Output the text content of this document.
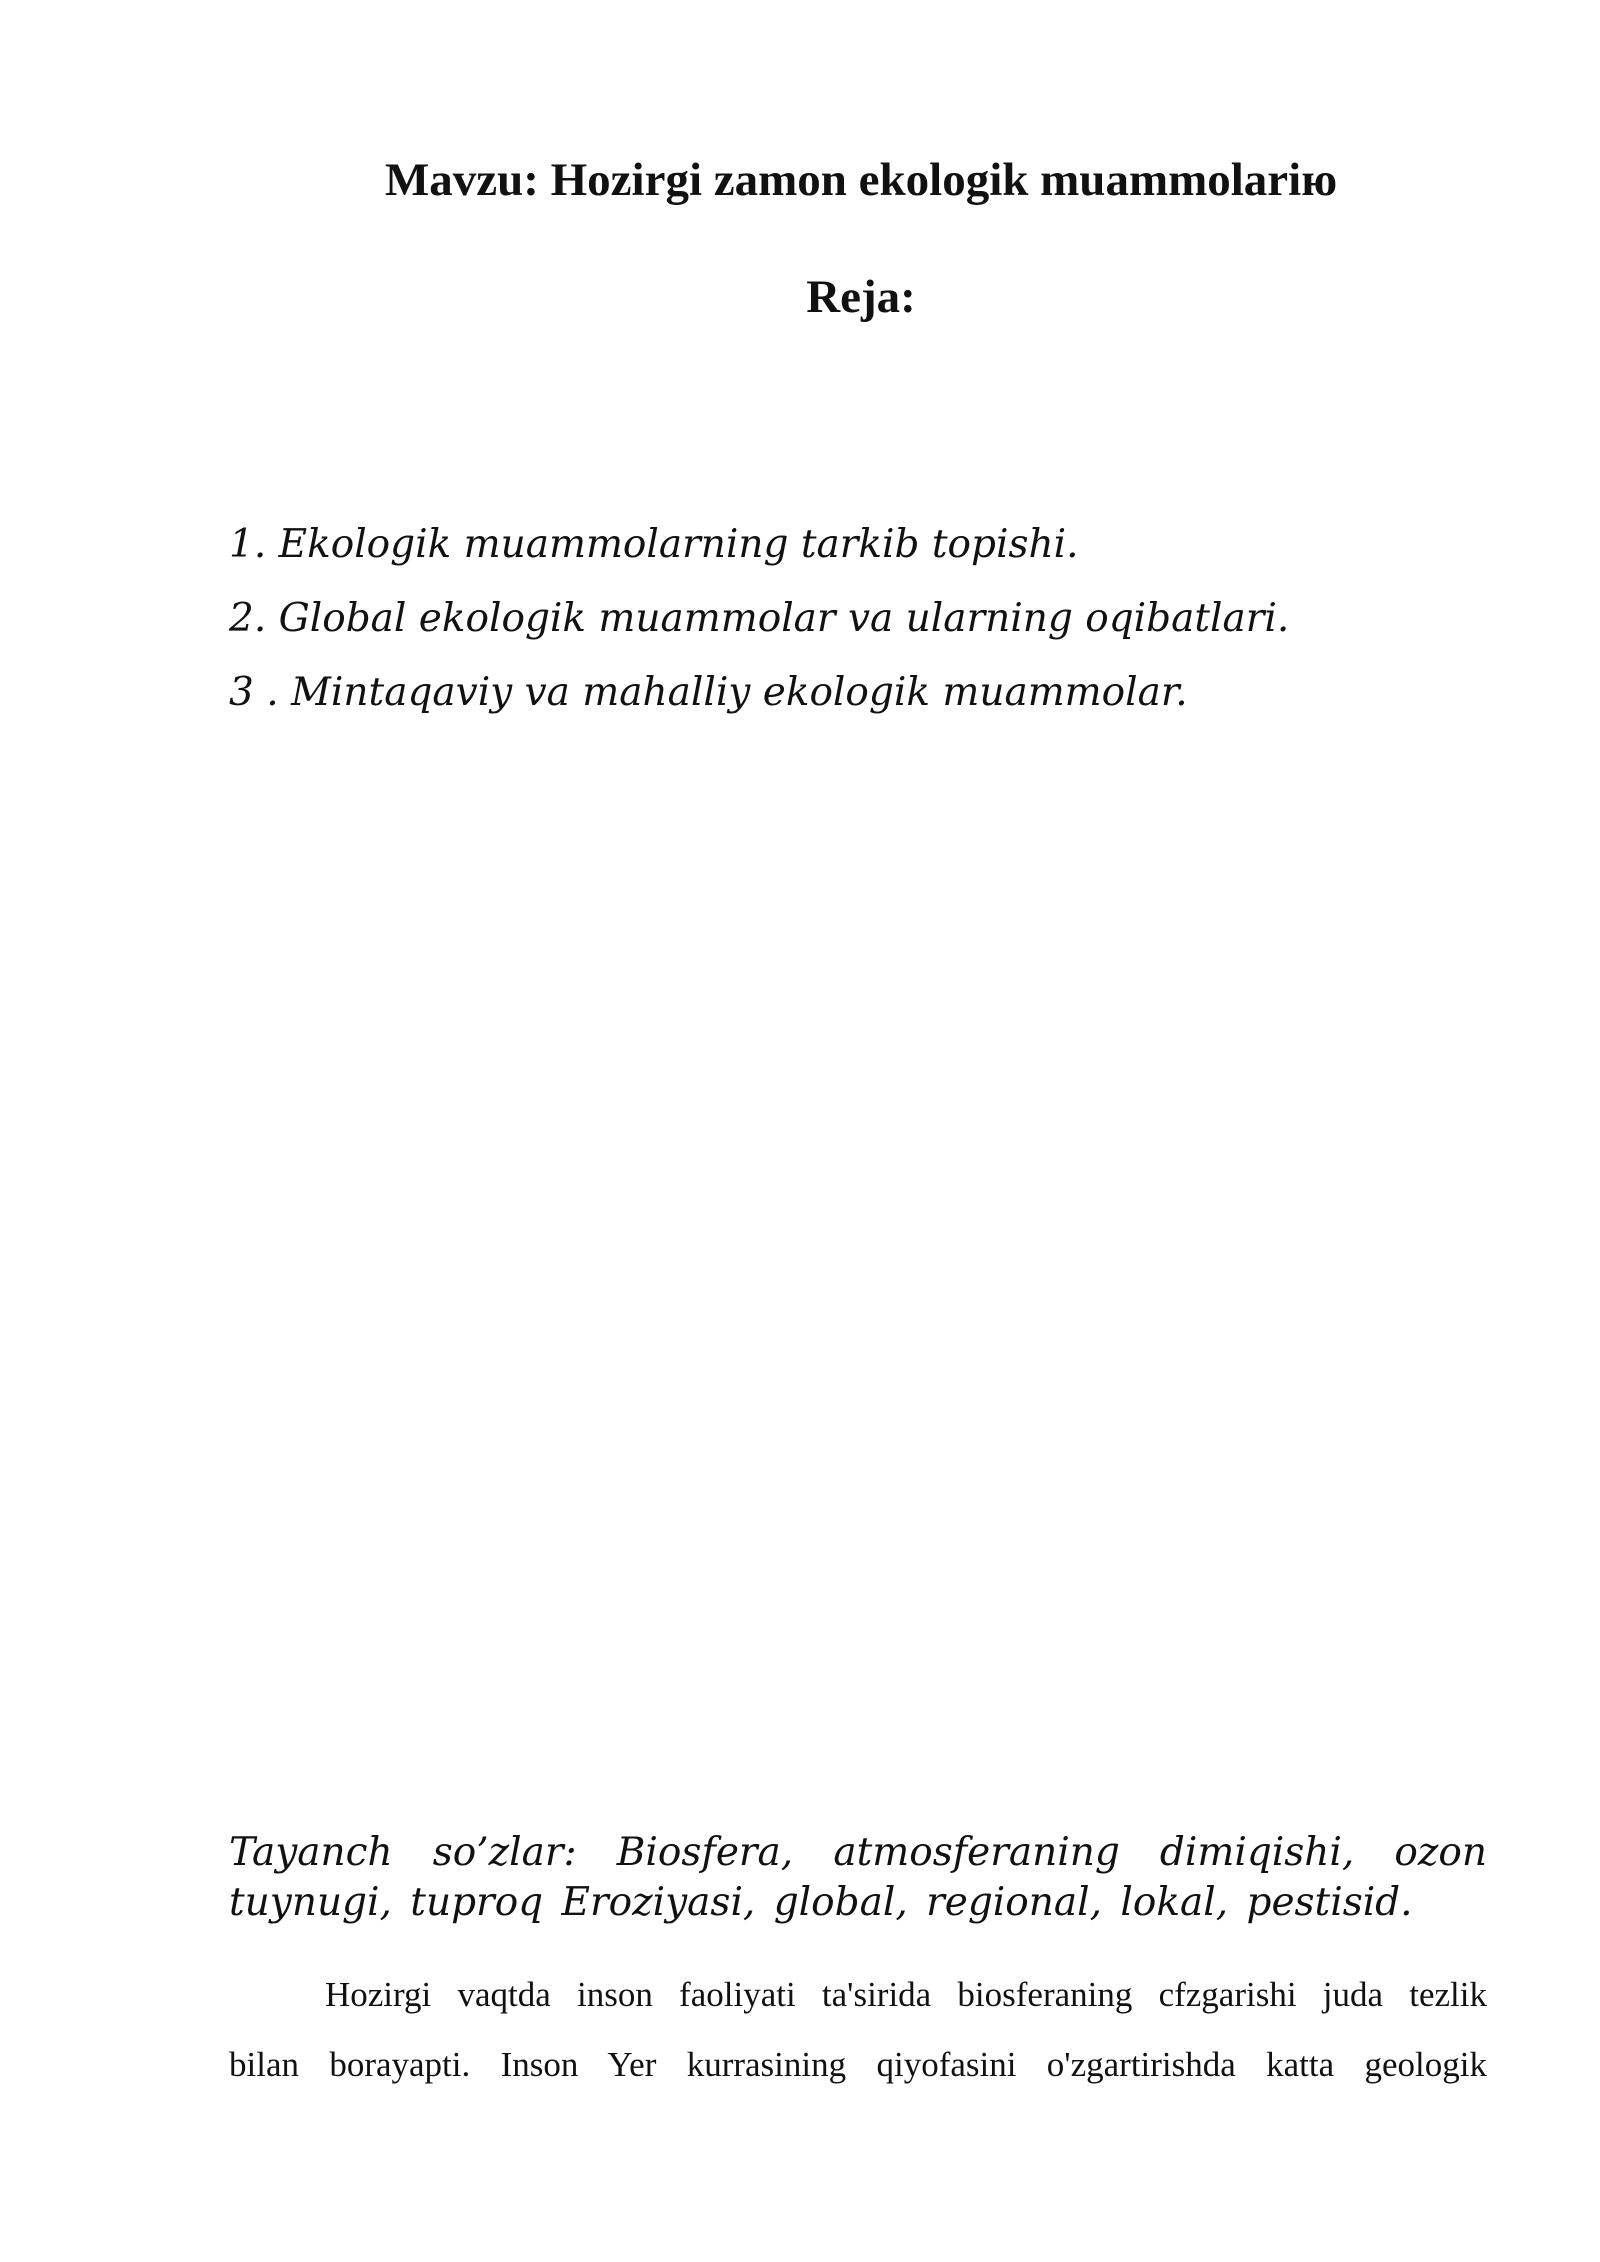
Mavzu: Hozirgi zamon ekologik muammolariю
Reja:
1. Ekologik muammolarning tarkib topishi.
2. Global ekologik muammolar va ularning oqibatlari.
3 . Mintaqaviy va mahalliy ekologik muammolar.

Tayanch so’zlar: Biosfera, atmosferaning dimiqishi, ozon
tuynugi, tuproq Eroziyasi, global, regional, lokal, pestisid.

Hozirgi vaqtda inson faoliyati ta'sirida biosferaning cfzgarishi juda tezlik
bilan borayapti. Inson Yer kurrasining qiyofasini o'zgartirishda katta geologik
